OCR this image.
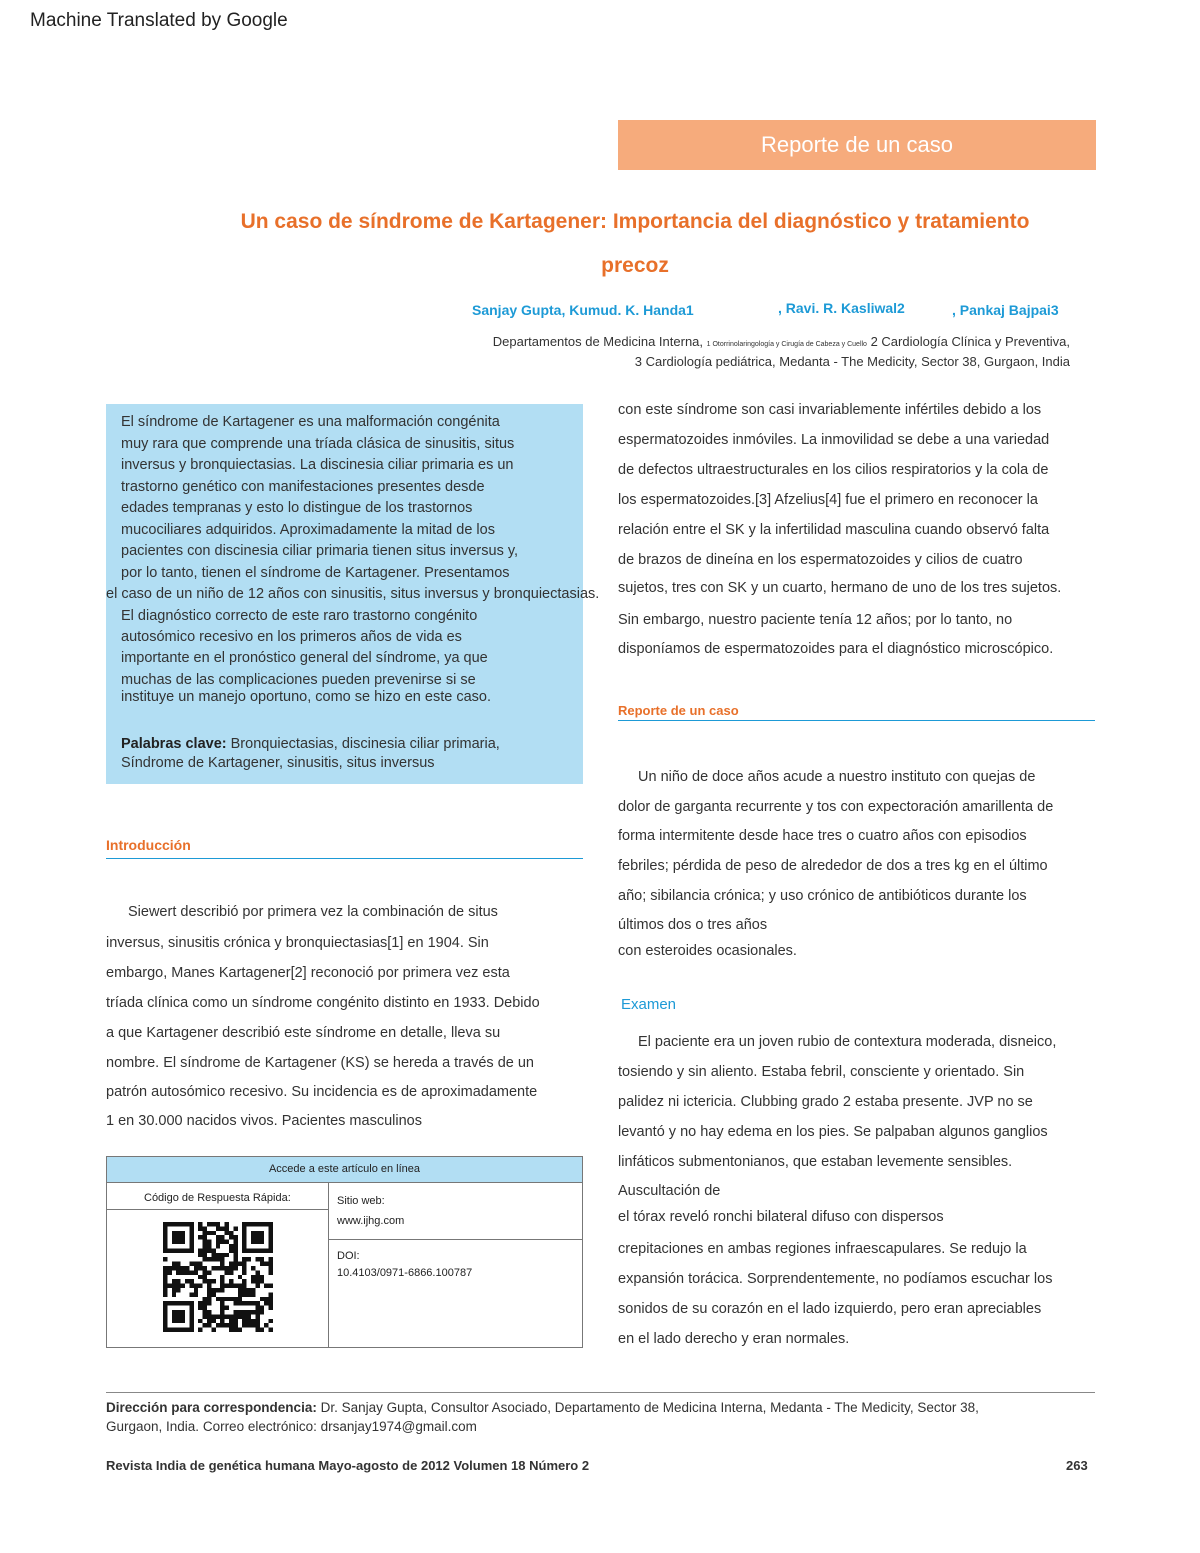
Machine Translated by Google
Reporte de un caso
Un caso de síndrome de Kartagener: Importancia del diagnóstico y tratamiento
precoz
Sanjay Gupta, Kumud. K. Handa1	, Ravi. R. Kasliwal2	, Pankaj Bajpai3
Departamentos de Medicina Interna, 1 Otorrinolaringología y Cirugía de Cabeza y Cuello 2 Cardiología Clínica y Preventiva,
3 Cardiología pediátrica, Medanta - The Medicity, Sector 38, Gurgaon, India
El síndrome de Kartagener es una malformación congénita
muy rara que comprende una tríada clásica de sinusitis, situs
inversus y bronquiectasias. La discinesia ciliar primaria es un
trastorno genético con manifestaciones presentes desde
edades tempranas y esto lo distingue de los trastornos
mucociliares adquiridos. Aproximadamente la mitad de los
pacientes con discinesia ciliar primaria tienen situs inversus y,
por lo tanto, tienen el síndrome de Kartagener. Presentamos
el caso de un niño de 12 años con sinusitis, situs inversus y bronquiectasias.
El diagnóstico correcto de este raro trastorno congénito
autosómico recesivo en los primeros años de vida es
importante en el pronóstico general del síndrome, ya que
muchas de las complicaciones pueden prevenirse si se
instituye un manejo oportuno, como se hizo en este caso.
Palabras clave: Bronquiectasias, discinesia ciliar primaria,
Síndrome de Kartagener, sinusitis, situs inversus
Introducción
Siewert describió por primera vez la combinación de situs
inversus, sinusitis crónica y bronquiectasias[1] en 1904. Sin
embargo, Manes Kartagener[2] reconoció por primera vez esta
tríada clínica como un síndrome congénito distinto en 1933. Debido
a que Kartagener describió este síndrome en detalle, lleva su
nombre. El síndrome de Kartagener (KS) se hereda a través de un
patrón autosómico recesivo. Su incidencia es de aproximadamente
1 en 30.000 nacidos vivos. Pacientes masculinos
Accede a este artículo en línea
Código de Respuesta Rápida:	Sitio web:
www.ijhg.com
DOI:
10.4103/0971-6866.100787
con este síndrome son casi invariablemente infértiles debido a los
espermatozoides inmóviles. La inmovilidad se debe a una variedad
de defectos ultraestructurales en los cilios respiratorios y la cola de
los espermatozoides.[3] Afzelius[4] fue el primero en reconocer la
relación entre el SK y la infertilidad masculina cuando observó falta
de brazos de dineína en los espermatozoides y cilios de cuatro
sujetos, tres con SK y un cuarto, hermano de uno de los tres sujetos.
Sin embargo, nuestro paciente tenía 12 años; por lo tanto, no
disponíamos de espermatozoides para el diagnóstico microscópico.
Reporte de un caso
Un niño de doce años acude a nuestro instituto con quejas de
dolor de garganta recurrente y tos con expectoración amarillenta de
forma intermitente desde hace tres o cuatro años con episodios
febriles; pérdida de peso de alrededor de dos a tres kg en el último
año; sibilancia crónica; y uso crónico de antibióticos durante los
últimos dos o tres años
con esteroides ocasionales.
Examen
El paciente era un joven rubio de contextura moderada, disneico,
tosiendo y sin aliento. Estaba febril, consciente y orientado. Sin
palidez ni ictericia. Clubbing grado 2 estaba presente. JVP no se
levantó y no hay edema en los pies. Se palpaban algunos ganglios
linfáticos submentonianos, que estaban levemente sensibles.
Auscultación de
el tórax reveló ronchi bilateral difuso con dispersos
crepitaciones en ambas regiones infraescapulares. Se redujo la
expansión torácica. Sorprendentemente, no podíamos escuchar los
sonidos de su corazón en el lado izquierdo, pero eran apreciables
en el lado derecho y eran normales.
Dirección para correspondencia: Dr. Sanjay Gupta, Consultor Asociado, Departamento de Medicina Interna, Medanta - The Medicity, Sector 38,
Gurgaon, India. Correo electrónico: drsanjay1974@gmail.com
Revista India de genética humana Mayo-agosto de 2012 Volumen 18 Número 2	263
